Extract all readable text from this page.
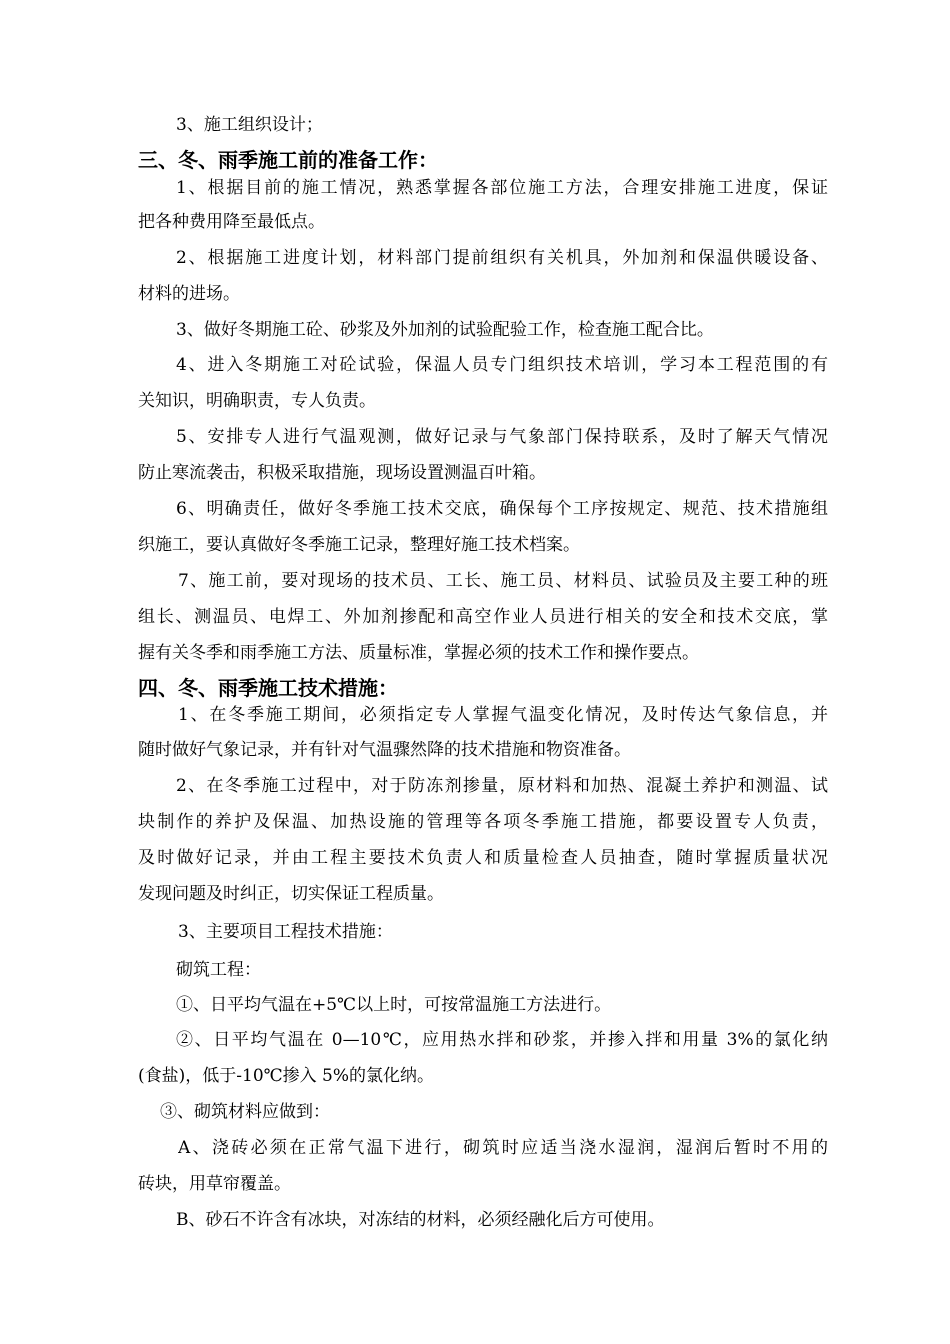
3、施工组织设计；
三、冬、雨季施工前的准备工作：
1、根据目前的施工情况，熟悉掌握各部位施工方法，合理安排施工进度，保证
把各种费用降至最低点。
2、根据施工进度计划，材料部门提前组织有关机具，外加剂和保温供暖设备、
材料的进场。
3、做好冬期施工砼、砂浆及外加剂的试验配验工作，检查施工配合比。
4、进入冬期施工对砼试验，保温人员专门组织技术培训，学习本工程范围的有
关知识，明确职责，专人负责。
5、安排专人进行气温观测，做好记录与气象部门保持联系，及时了解天气情况
防止寒流袭击，积极采取措施，现场设置测温百叶箱。
6、明确责任，做好冬季施工技术交底，确保每个工序按规定、规范、技术措施组
织施工，要认真做好冬季施工记录，整理好施工技术档案。
7、施工前，要对现场的技术员、工长、施工员、材料员、试验员及主要工种的班
组长、测温员、电焊工、外加剂掺配和高空作业人员进行相关的安全和技术交底，掌
握有关冬季和雨季施工方法、质量标准，掌握必须的技术工作和操作要点。
四、冬、雨季施工技术措施：
1、在冬季施工期间，必须指定专人掌握气温变化情况，及时传达气象信息，并
随时做好气象记录，并有针对气温骤然降的技术措施和物资准备。
2、在冬季施工过程中，对于防冻剂掺量，原材料和加热、混凝土养护和测温、试
块制作的养护及保温、加热设施的管理等各项冬季施工措施，都要设置专人负责，
及时做好记录，并由工程主要技术负责人和质量检查人员抽查，随时掌握质量状况
发现问题及时纠正，切实保证工程质量。
3、主要项目工程技术措施：
砌筑工程：
①、日平均气温在+5℃以上时，可按常温施工方法进行。
②、日平均气温在 0—10℃，应用热水拌和砂浆，并掺入拌和用量 3%的氯化纳
(食盐)，低于-10℃掺入 5%的氯化纳。
③、砌筑材料应做到：
A、浇砖必须在正常气温下进行，砌筑时应适当浇水湿润，湿润后暂时不用的
砖块，用草帘覆盖。
B、砂石不许含有冰块，对冻结的材料，必须经融化后方可使用。
